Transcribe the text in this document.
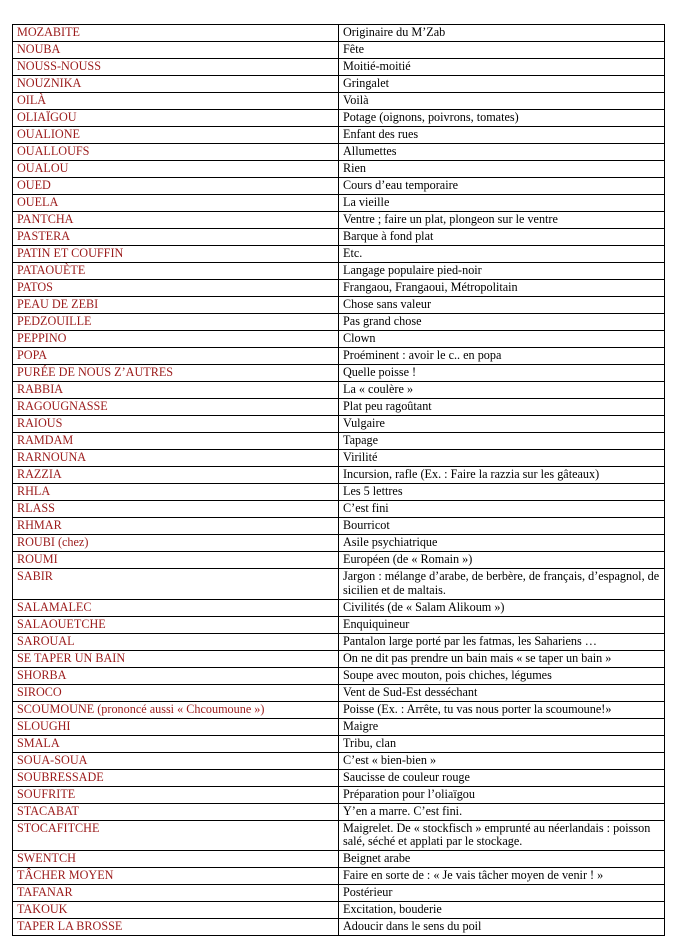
MOZABITE	Originaire du M’Zab
NOUBA	Fête
NOUSS-NOUSS	Moitié-moitié
NOUZNIKA	Gringalet
OILÀ	Voilà
OLIAÏGOU	Potage (oignons, poivrons, tomates)
OUALIONE	Enfant des rues
OUALLOUFS	Allumettes
OUALOU	Rien
OUED	Cours d’eau temporaire
OUELA	La vieille
PANTCHA	Ventre ; faire un plat, plongeon sur le ventre
PASTERA	Barque à fond plat
PATIN ET COUFFIN	Etc.
PATAOUÈTE	Langage populaire pied-noir
PATOS	Frangaou, Frangaoui, Métropolitain
PEAU DE ZEBI	Chose sans valeur
PEDZOUILLE	Pas grand chose
PEPPINO	Clown
POPA	Proéminent : avoir le c.. en popa
PURÉE DE NOUS Z’AUTRES	Quelle poisse !
RABBIA	La « coulère »
RAGOUGNASSE	Plat peu ragoûtant
RAIOUS	Vulgaire
RAMDAM	Tapage
RARNOUNA	Virilité
RAZZIA	Incursion, rafle (Ex. : Faire la razzia sur les gâteaux)
RHLA	Les 5 lettres
RLASS	C’est fini
RHMAR	Bourricot
ROUBI (chez)	Asile psychiatrique
ROUMI	Européen (de « Romain »)
SABIR	Jargon : mélange d’arabe, de berbère, de français, d’espagnol, de sicilien et de maltais.
SALAMALEC	Civilités (de « Salam Alikoum »)
SALAOUETCHE	Enquiquineur
SAROUAL	Pantalon large porté par les fatmas, les Sahariens …
SE TAPER UN BAIN	On ne dit pas prendre un bain mais « se taper un bain »
SHORBA	Soupe avec mouton, pois chiches, légumes
SIROCO	Vent de Sud-Est desséchant
SCOUMOUNE (prononcé aussi « Chcoumoune »)	Poisse (Ex. : Arrête, tu vas nous porter la scoumoune!»
SLOUGHI	Maigre
SMALA	Tribu, clan
SOUA-SOUA	C’est « bien-bien »
SOUBRESSADE	Saucisse de couleur rouge
SOUFRITE	Préparation pour l’oliaïgou
STACABAT	Y’en a marre. C’est fini.
STOCAFITCHE	Maigrelet. De « stockfisch » emprunté au néerlandais : poisson salé, séché et applati par le stockage.
SWENTCH	Beignet arabe
TÂCHER MOYEN	Faire en sorte de : « Je vais tâcher moyen de venir ! »
TAFANAR	Postérieur
TAKOUK	Excitation, bouderie
TAPER LA BROSSE	Adoucir dans le sens du poil
